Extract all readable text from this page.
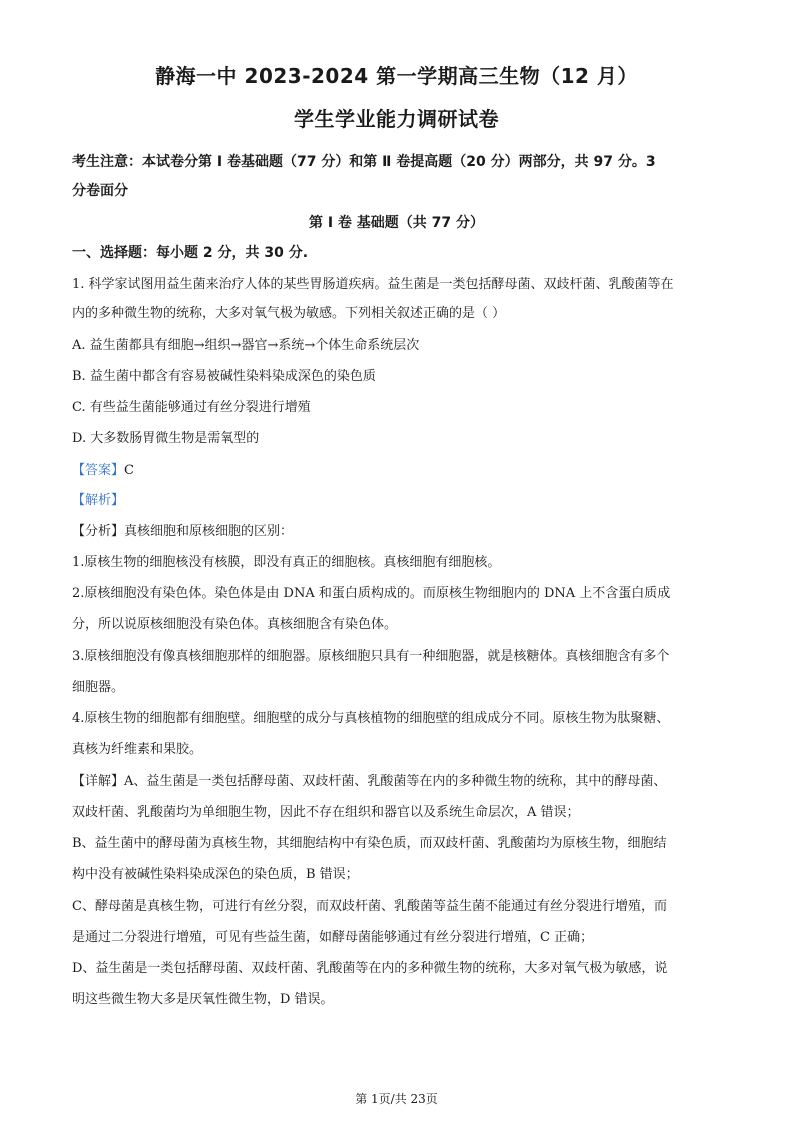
静海一中 2023-2024 第一学期高三生物（12 月）
学生学业能力调研试卷
考生注意：本试卷分第 Ⅰ 卷基础题（77 分）和第 Ⅱ 卷提高题（20 分）两部分，共 97 分。3
分卷面分
第 Ⅰ 卷 基础题（共 77 分）
一、选择题：每小题 2 分，共 30 分.
1. 科学家试图用益生菌来治疗人体的某些胃肠道疾病。益生菌是一类包括酵母菌、双歧杆菌、乳酸菌等在
内的多种微生物的统称，大多对氧气极为敏感。下列相关叙述正确的是（ ）
A. 益生菌都具有细胞→组织→器官→系统→个体生命系统层次
B. 益生菌中都含有容易被碱性染料染成深色的染色质
C. 有些益生菌能够通过有丝分裂进行增殖
D. 大多数肠胃微生物是需氧型的
【答案】C
【解析】
【分析】真核细胞和原核细胞的区别：
1.原核生物的细胞核没有核膜，即没有真正的细胞核。真核细胞有细胞核。
2.原核细胞没有染色体。染色体是由 DNA 和蛋白质构成的。而原核生物细胞内的 DNA 上不含蛋白质成
分，所以说原核细胞没有染色体。真核细胞含有染色体。
3.原核细胞没有像真核细胞那样的细胞器。原核细胞只具有一种细胞器，就是核糖体。真核细胞含有多个
细胞器。
4.原核生物的细胞都有细胞壁。细胞壁的成分与真核植物的细胞壁的组成成分不同。原核生物为肽聚糖、
真核为纤维素和果胶。
【详解】A、益生菌是一类包括酵母菌、双歧杆菌、乳酸菌等在内的多种微生物的统称，其中的酵母菌、
双歧杆菌、乳酸菌均为单细胞生物，因此不存在组织和器官以及系统生命层次，A 错误；
B、益生菌中的酵母菌为真核生物，其细胞结构中有染色质，而双歧杆菌、乳酸菌均为原核生物，细胞结
构中没有被碱性染料染成深色的染色质，B 错误；
C、酵母菌是真核生物，可进行有丝分裂，而双歧杆菌、乳酸菌等益生菌不能通过有丝分裂进行增殖，而
是通过二分裂进行增殖，可见有些益生菌，如酵母菌能够通过有丝分裂进行增殖，C 正确；
D、益生菌是一类包括酵母菌、双歧杆菌、乳酸菌等在内的多种微生物的统称，大多对氧气极为敏感，说
明这些微生物大多是厌氧性微生物，D 错误。
第 1页/共 23页
